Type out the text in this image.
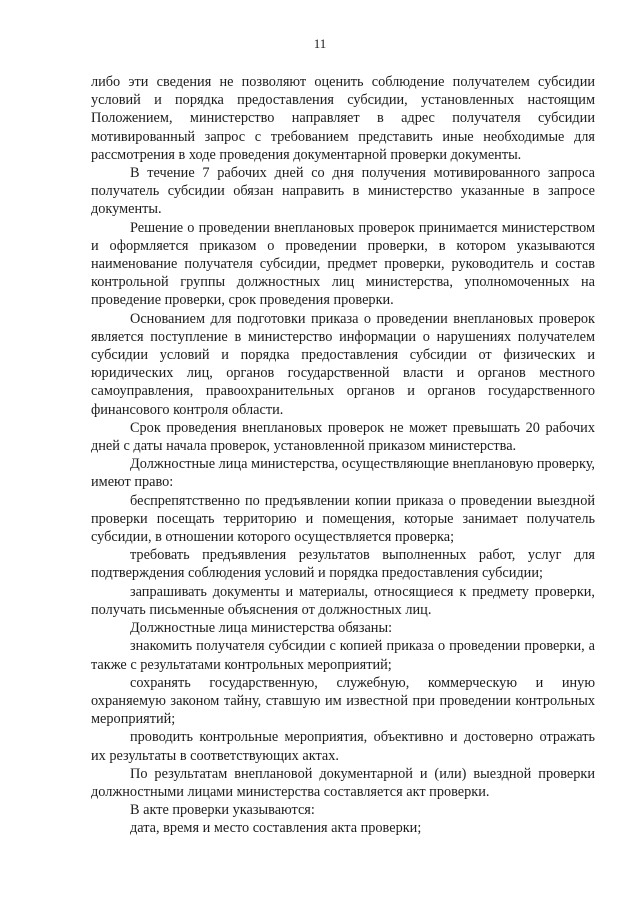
11

либо эти сведения не позволяют оценить соблюдение получателем субсидии условий и порядка предоставления субсидии, установленных настоящим Положением, министерство направляет в адрес получателя субсидии мотивированный запрос с требованием представить иные необходимые для рассмотрения в ходе проведения документарной проверки документы.

В течение 7 рабочих дней со дня получения мотивированного запроса получатель субсидии обязан направить в министерство указанные в запросе документы.

Решение о проведении внеплановых проверок принимается министерством и оформляется приказом о проведении проверки, в котором указываются наименование получателя субсидии, предмет проверки, руководитель и состав контрольной группы должностных лиц министерства, уполномоченных на проведение проверки, срок проведения проверки.

Основанием для подготовки приказа о проведении внеплановых проверок является поступление в министерство информации о нарушениях получателем субсидии условий и порядка предоставления субсидии от физических и юридических лиц, органов государственной власти и органов местного самоуправления, правоохранительных органов и органов государственного финансового контроля области.

Срок проведения внеплановых проверок не может превышать 20 рабочих дней с даты начала проверок, установленной приказом министерства.

Должностные лица министерства, осуществляющие внеплановую проверку, имеют право:

беспрепятственно по предъявлении копии приказа о проведении выездной проверки посещать территорию и помещения, которые занимает получатель субсидии, в отношении которого осуществляется проверка;

требовать предъявления результатов выполненных работ, услуг для подтверждения соблюдения условий и порядка предоставления субсидии;

запрашивать документы и материалы, относящиеся к предмету проверки, получать письменные объяснения от должностных лиц.

Должностные лица министерства обязаны:

знакомить получателя субсидии с копией приказа о проведении проверки, а также с результатами контрольных мероприятий;

сохранять государственную, служебную, коммерческую и иную охраняемую законом тайну, ставшую им известной при проведении контрольных мероприятий;

проводить контрольные мероприятия, объективно и достоверно отражать их результаты в соответствующих актах.

По результатам внеплановой документарной и (или) выездной проверки должностными лицами министерства составляется акт проверки.

В акте проверки указываются:

дата, время и место составления акта проверки;
